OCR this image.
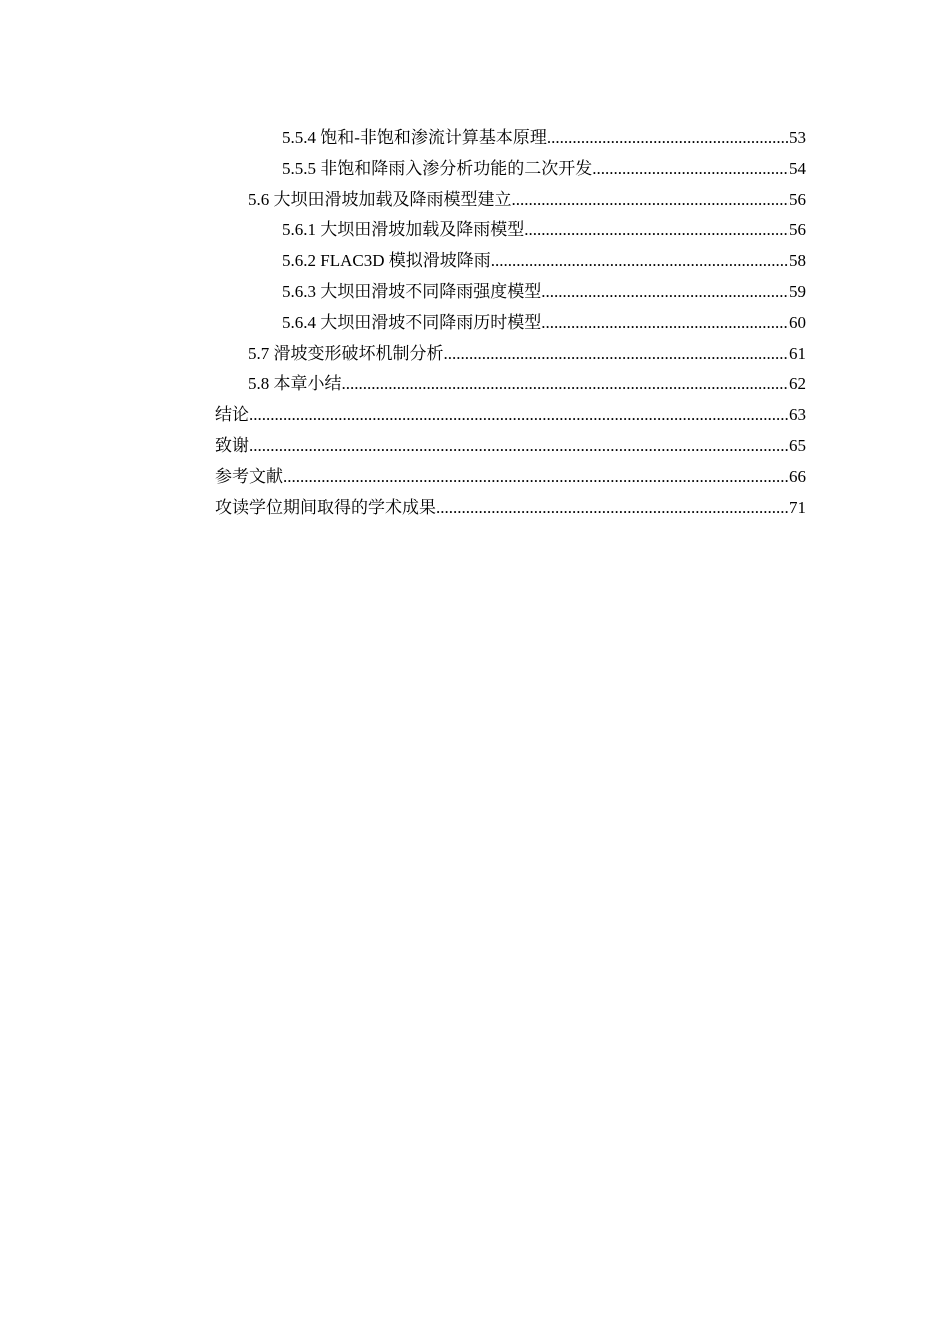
5.5.4 饱和-非饱和渗流计算基本原理 .....	53
5.5.5 非饱和降雨入渗分析功能的二次开发 .....	54
5.6 大坝田滑坡加载及降雨模型建立 .....	56
5.6.1 大坝田滑坡加载及降雨模型 .....	56
5.6.2 FLAC3D 模拟滑坡降雨 .....	58
5.6.3 大坝田滑坡不同降雨强度模型 .....	59
5.6.4 大坝田滑坡不同降雨历时模型 .....	60
5.7 滑坡变形破坏机制分析 .....	61
5.8 本章小结 .....	62
结论 .....	63
致谢 .....	65
参考文献 .....	66
攻读学位期间取得的学术成果 .....	71
